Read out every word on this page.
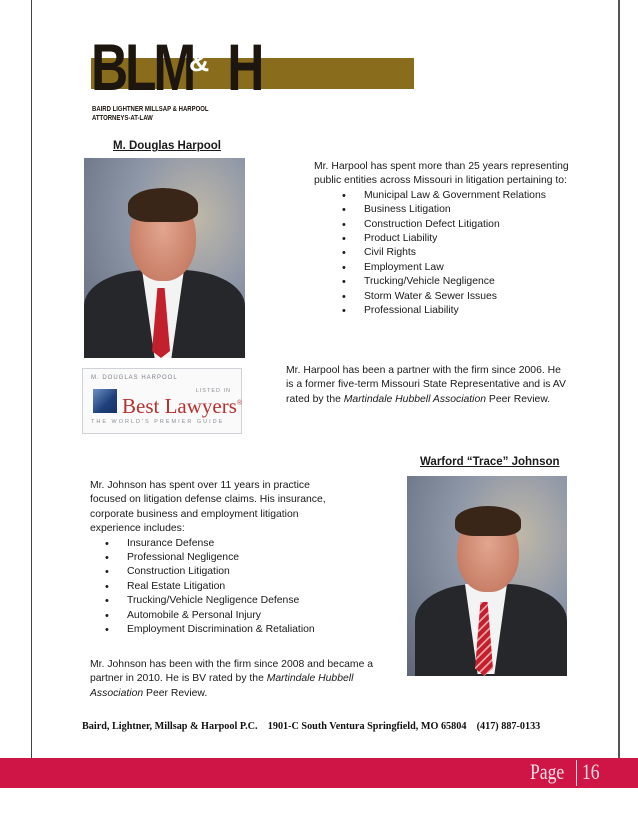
BLM H
&
BAIRD LIGHTNER MILLSAP & HARPOOL
ATTORNEYS-AT-LAW
M. Douglas Harpool

Mr. Harpool has spent more than 25 years representing public entities across Missouri in litigation pertaining to:

• Municipal Law & Government Relations
• Business Litigation
• Construction Defect Litigation
• Product Liability
• Civil Rights
• Employment Law
• Trucking/Vehicle Negligence
• Storm Water & Sewer Issues
• Professional Liability
Mr. Harpool has been a partner with the firm since 2006. He is a former five-term Missouri State Representative and is AV rated by the Martindale Hubbell Association Peer Review.
M. DOUGLAS HARPOOL
LISTED IN
Best Lawyers®
THE WORLD'S PREMIER GUIDE
Warford “Trace” Johnson

Mr. Johnson has spent over 11 years in practice focused on litigation defense claims. His insurance, corporate business and employment litigation experience includes:

• Insurance Defense
• Professional Negligence
• Construction Litigation
• Real Estate Litigation
• Trucking/Vehicle Negligence Defense
• Automobile & Personal Injury
• Employment Discrimination & Retaliation
Mr. Johnson has been with the firm since 2008 and became a partner in 2010. He is BV rated by the Martindale Hubbell Association Peer Review.
Baird, Lightner, Millsap & Harpool P.C.    1901-C South Ventura Springfield, MO 65804    (417) 887-0133
Page 16
